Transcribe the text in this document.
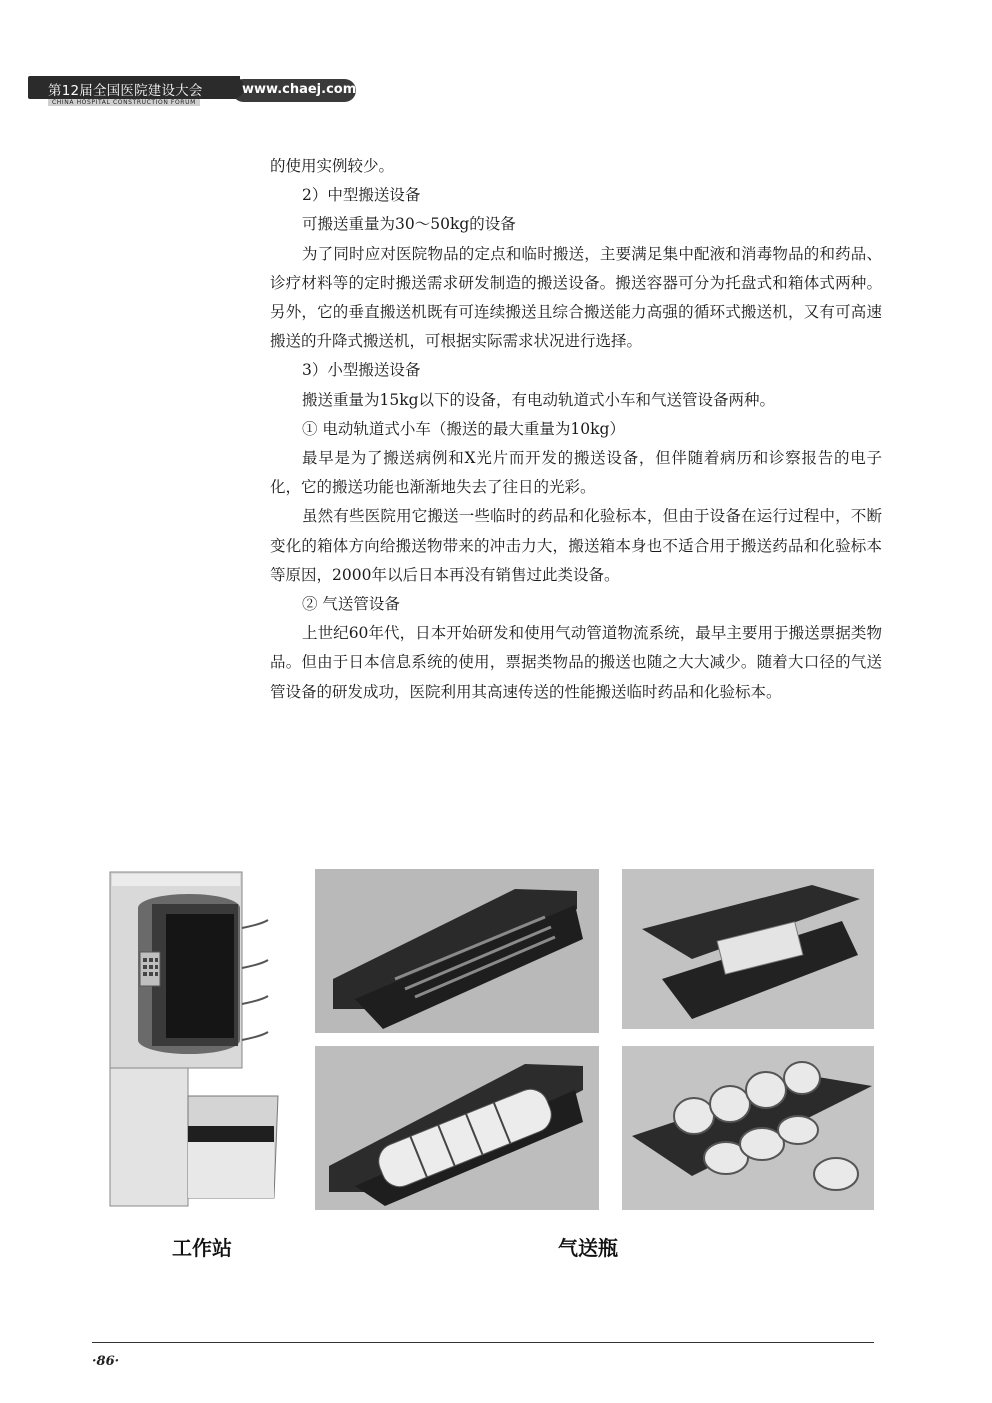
第12届全国医院建设大会	www.chaej.com
CHINA HOSPITAL CONSTRUCTION FORUM

的使用实例较少。

2）中型搬送设备

可搬送重量为30～50kg的设备

为了同时应对医院物品的定点和临时搬送，主要满足集中配液和消毒物品的和药品、诊疗材料等的定时搬送需求研发制造的搬送设备。搬送容器可分为托盘式和箱体式两种。另外，它的垂直搬送机既有可连续搬送且综合搬送能力高强的循环式搬送机，又有可高速搬送的升降式搬送机，可根据实际需求状况进行选择。

3）小型搬送设备

搬送重量为15kg以下的设备，有电动轨道式小车和气送管设备两种。

① 电动轨道式小车（搬送的最大重量为10kg）

最早是为了搬送病例和X光片而开发的搬送设备，但伴随着病历和诊察报告的电子化，它的搬送功能也渐渐地失去了往日的光彩。

虽然有些医院用它搬送一些临时的药品和化验标本，但由于设备在运行过程中，不断变化的箱体方向给搬送物带来的冲击力大，搬送箱本身也不适合用于搬送药品和化验标本等原因，2000年以后日本再没有销售过此类设备。

② 气送管设备

上世纪60年代，日本开始研发和使用气动管道物流系统，最早主要用于搬送票据类物品。但由于日本信息系统的使用，票据类物品的搬送也随之大大减少。随着大口径的气送管设备的研发成功，医院利用其高速传送的性能搬送临时药品和化验标本。

工作站	气送瓶
·86·
